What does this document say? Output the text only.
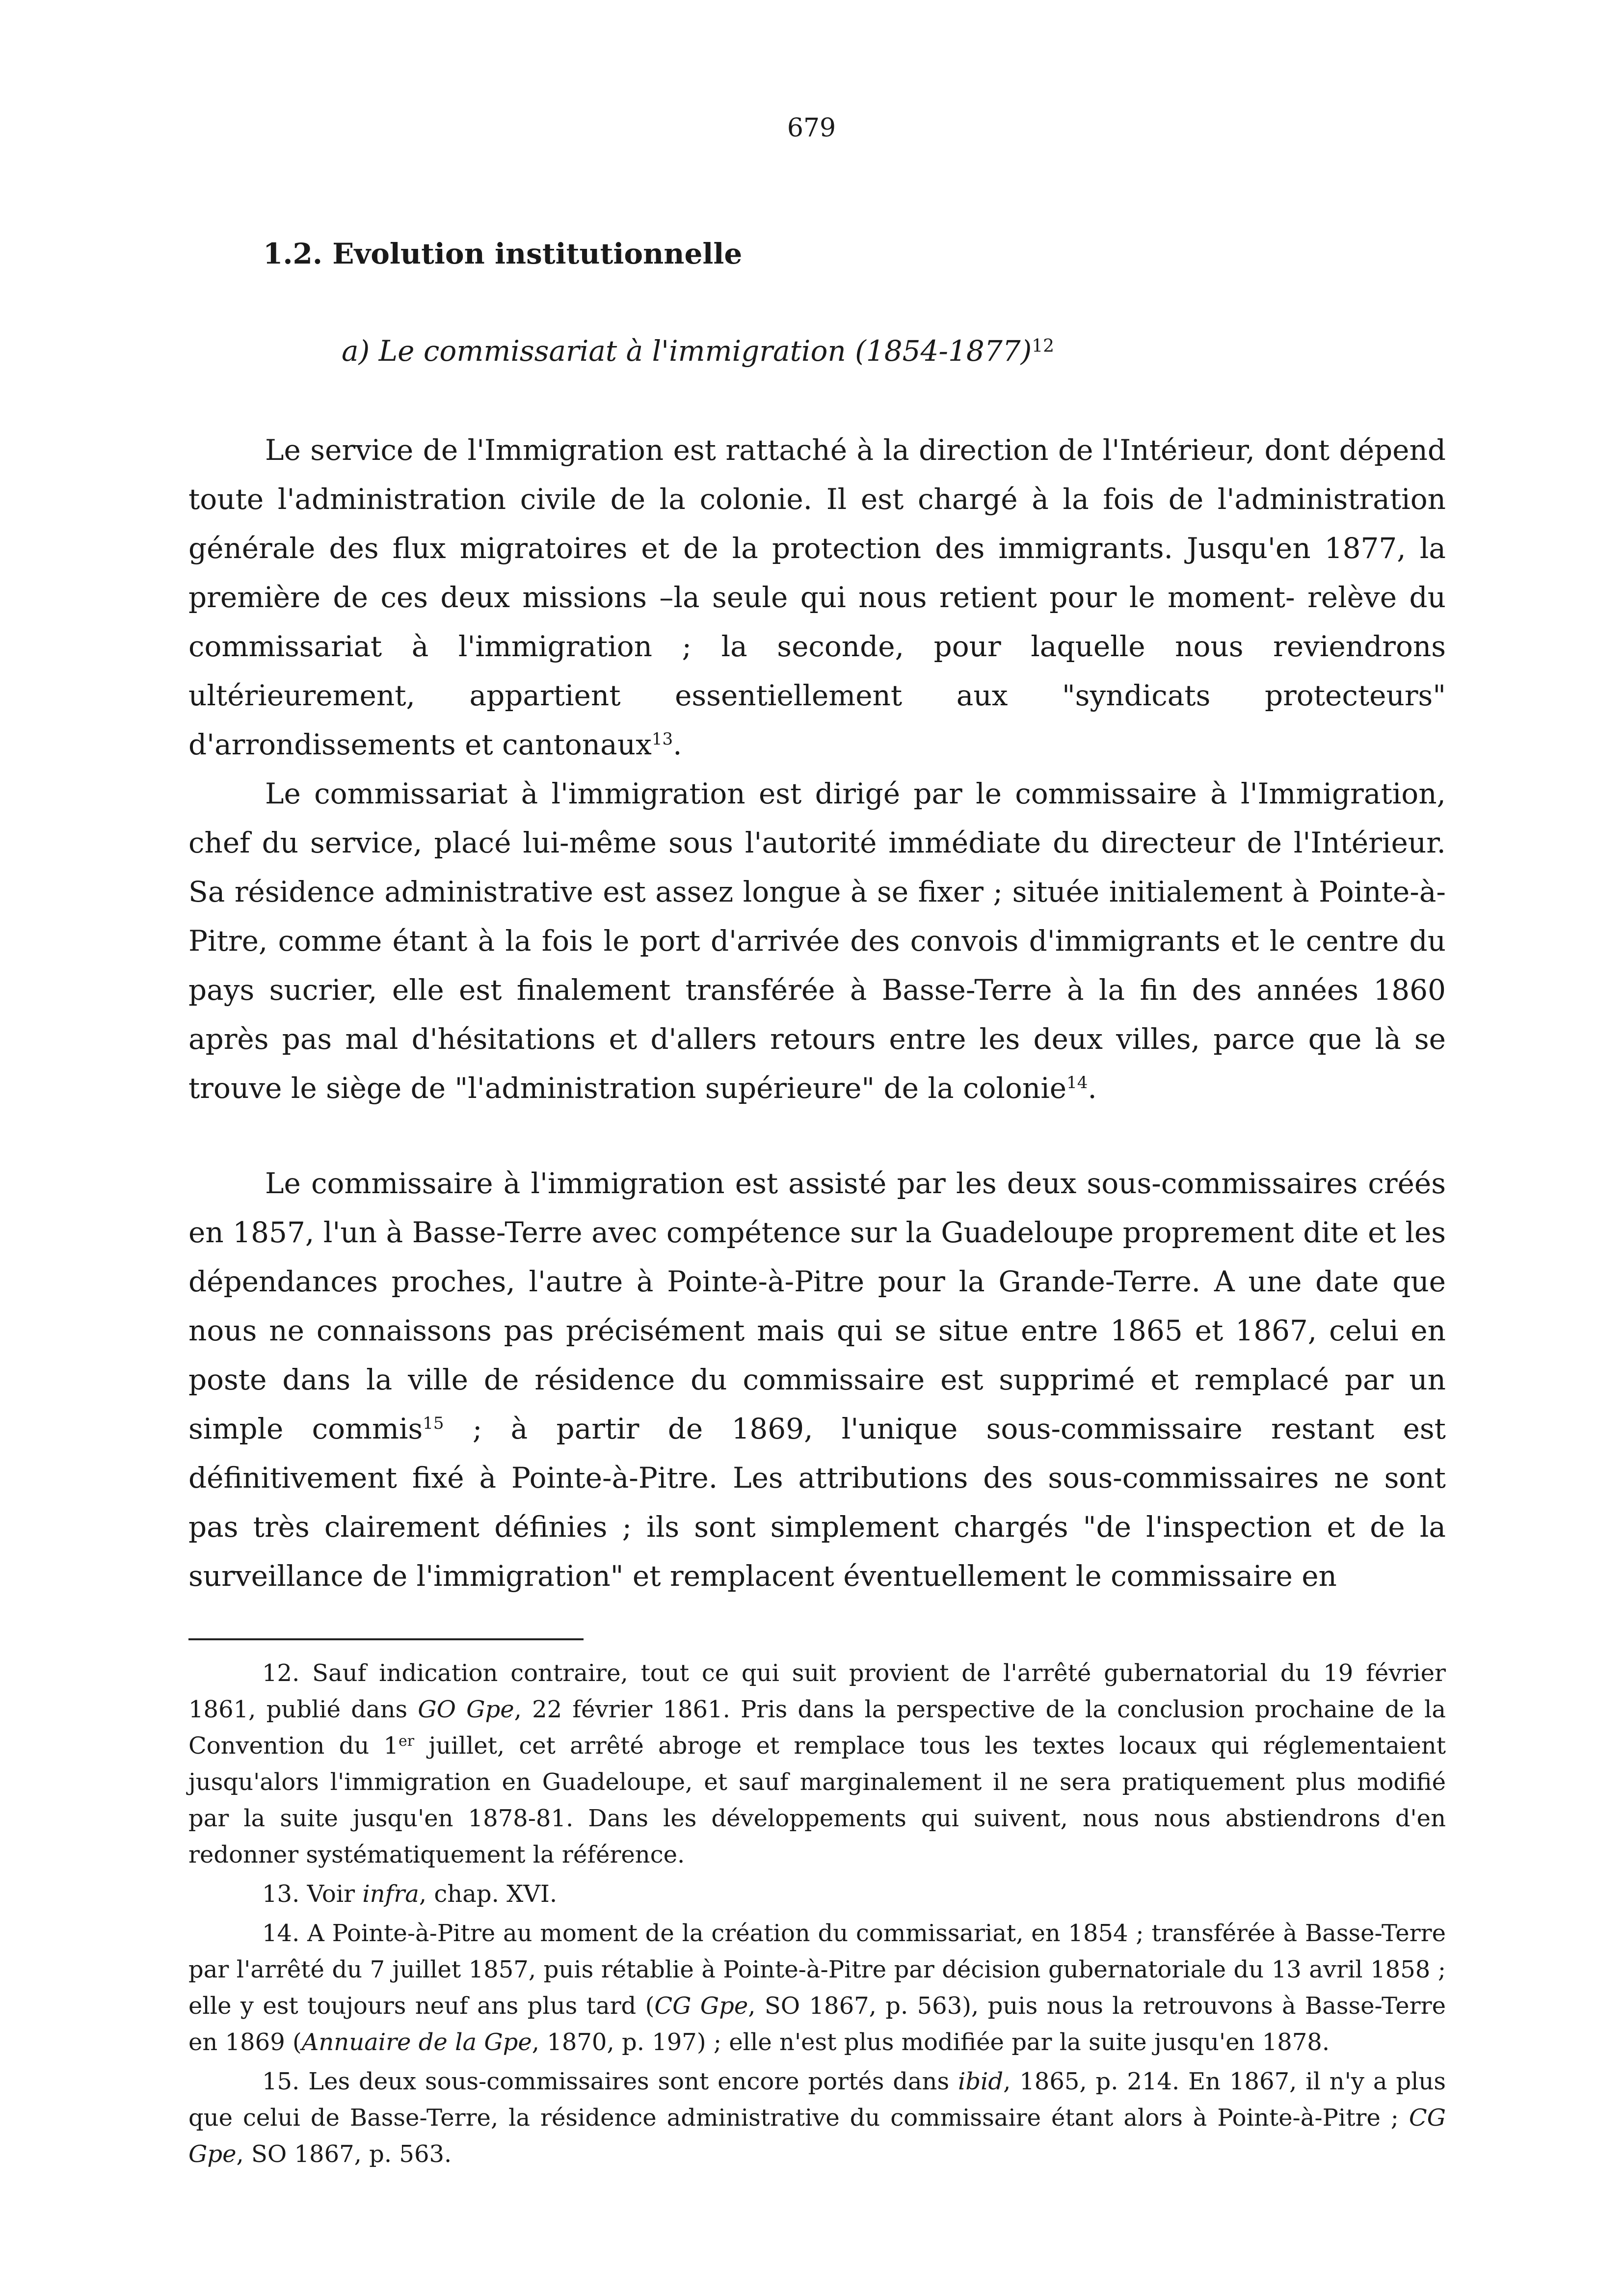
679
1.2. Evolution institutionnelle
a) Le commissariat à l'immigration (1854-1877)$^{12}$

Le service de l'Immigration est rattaché à la direction de l'Intérieur, dont dépend toute l'administration civile de la colonie. Il est chargé à la fois de l'administration générale des flux migratoires et de la protection des immigrants. Jusqu'en 1877, la première de ces deux missions –la seule qui nous retient pour le moment- relève du commissariat à l'immigration ; la seconde, pour laquelle nous reviendrons ultérieurement, appartient essentiellement aux "syndicats protecteurs" d'arrondissements et cantonaux$^{13}$.

Le commissariat à l'immigration est dirigé par le commissaire à l'Immigration, chef du service, placé lui-même sous l'autorité immédiate du directeur de l'Intérieur. Sa résidence administrative est assez longue à se fixer ; située initialement à Pointe-à-Pitre, comme étant à la fois le port d'arrivée des convois d'immigrants et le centre du pays sucrier, elle est finalement transférée à Basse-Terre à la fin des années 1860 après pas mal d'hésitations et d'allers retours entre les deux villes, parce que là se trouve le siège de "l'administration supérieure" de la colonie$^{14}$.

Le commissaire à l'immigration est assisté par les deux sous-commissaires créés en 1857, l'un à Basse-Terre avec compétence sur la Guadeloupe proprement dite et les dépendances proches, l'autre à Pointe-à-Pitre pour la Grande-Terre. A une date que nous ne connaissons pas précisément mais qui se situe entre 1865 et 1867, celui en poste dans la ville de résidence du commissaire est supprimé et remplacé par un simple commis$^{15}$ ; à partir de 1869, l'unique sous-commissaire restant est définitivement fixé à Pointe-à-Pitre. Les attributions des sous-commissaires ne sont pas très clairement définies ; ils sont simplement chargés "de l'inspection et de la surveillance de l'immigration" et remplacent éventuellement le commissaire en

12. Sauf indication contraire, tout ce qui suit provient de l'arrêté gubernatorial du 19 février 1861, publié dans GO Gpe, 22 février 1861. Pris dans la perspective de la conclusion prochaine de la Convention du 1er juillet, cet arrêté abroge et remplace tous les textes locaux qui réglementaient jusqu'alors l'immigration en Guadeloupe, et sauf marginalement il ne sera pratiquement plus modifié par la suite jusqu'en 1878-81. Dans les développements qui suivent, nous nous abstiendrons d'en redonner systématiquement la référence.

13. Voir infra, chap. XVI.

14. A Pointe-à-Pitre au moment de la création du commissariat, en 1854 ; transférée à Basse-Terre par l'arrêté du 7 juillet 1857, puis rétablie à Pointe-à-Pitre par décision gubernatoriale du 13 avril 1858 ; elle y est toujours neuf ans plus tard (CG Gpe, SO 1867, p. 563), puis nous la retrouvons à Basse-Terre en 1869 (Annuaire de la Gpe, 1870, p. 197) ; elle n'est plus modifiée par la suite jusqu'en 1878.

15. Les deux sous-commissaires sont encore portés dans ibid, 1865, p. 214. En 1867, il n'y a plus que celui de Basse-Terre, la résidence administrative du commissaire étant alors à Pointe-à-Pitre ; CG Gpe, SO 1867, p. 563.
